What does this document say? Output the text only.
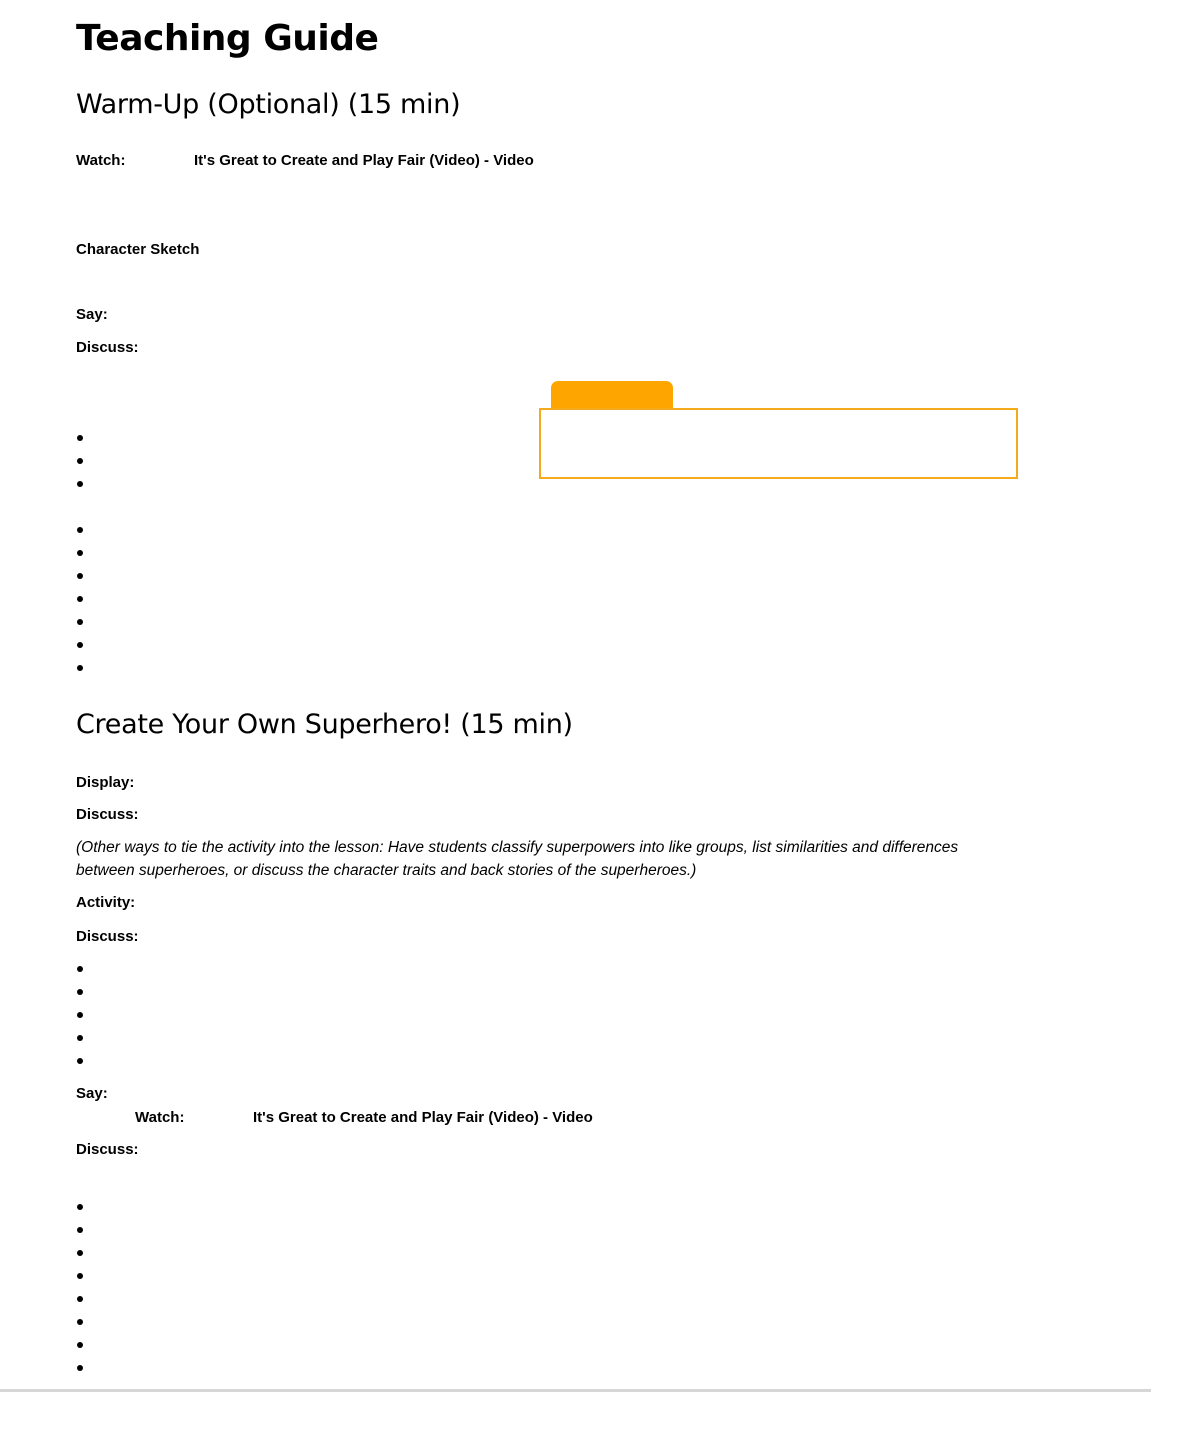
Teaching Guide
Warm-Up (Optional) (15 min)
Watch:	It's Great to Create and Play Fair (Video) - Video
Character Sketch
Say:
Discuss:
Create Your Own Superhero! (15 min)
Display:
Discuss:

(Other ways to tie the activity into the lesson: Have students classify superpowers into like groups, list similarities and differences between superheroes, or discuss the character traits and back stories of the superheroes.)

Activity:
Discuss:
Say:
Watch:	It's Great to Create and Play Fair (Video) - Video
Discuss:
